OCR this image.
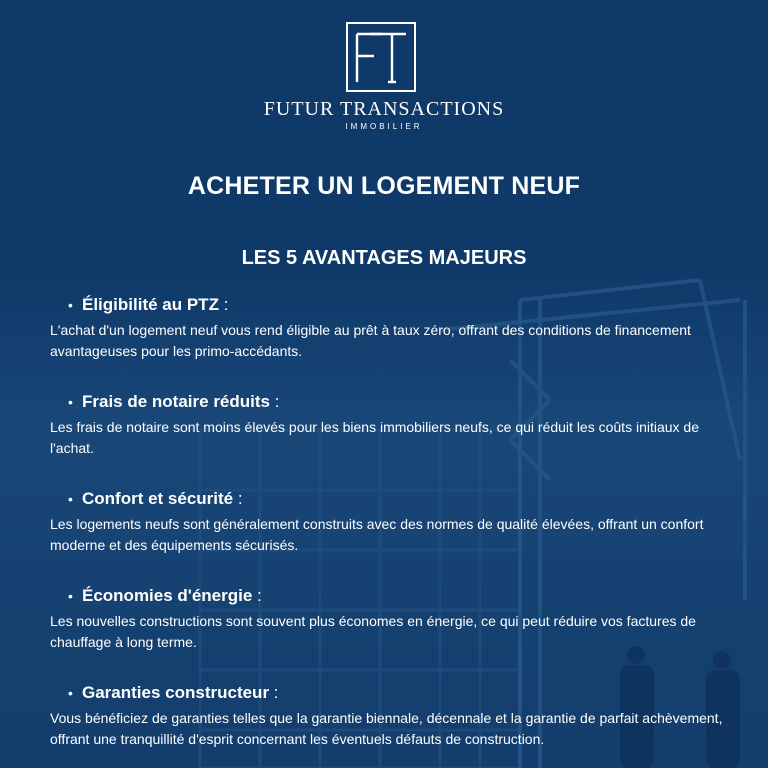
FUTUR TRANSACTIONS
IMMOBILIER
ACHETER UN LOGEMENT NEUF
LES 5 AVANTAGES MAJEURS
• Éligibilité au PTZ :
L'achat d'un logement neuf vous rend éligible au prêt à taux zéro, offrant des conditions de financement avantageuses pour les primo-accédants.
• Frais de notaire réduits :
Les frais de notaire sont moins élevés pour les biens immobiliers neufs, ce qui réduit les coûts initiaux de l'achat.
• Confort et sécurité :
Les logements neufs sont généralement construits avec des normes de qualité élevées, offrant un confort moderne et des équipements sécurisés.
• Économies d'énergie :
Les nouvelles constructions sont souvent plus économes en énergie, ce qui peut réduire vos factures de chauffage à long terme.
• Garanties constructeur :
Vous bénéficiez de garanties telles que la garantie biennale, décennale et la garantie de parfait achèvement, offrant une tranquillité d'esprit concernant les éventuels défauts de construction.
